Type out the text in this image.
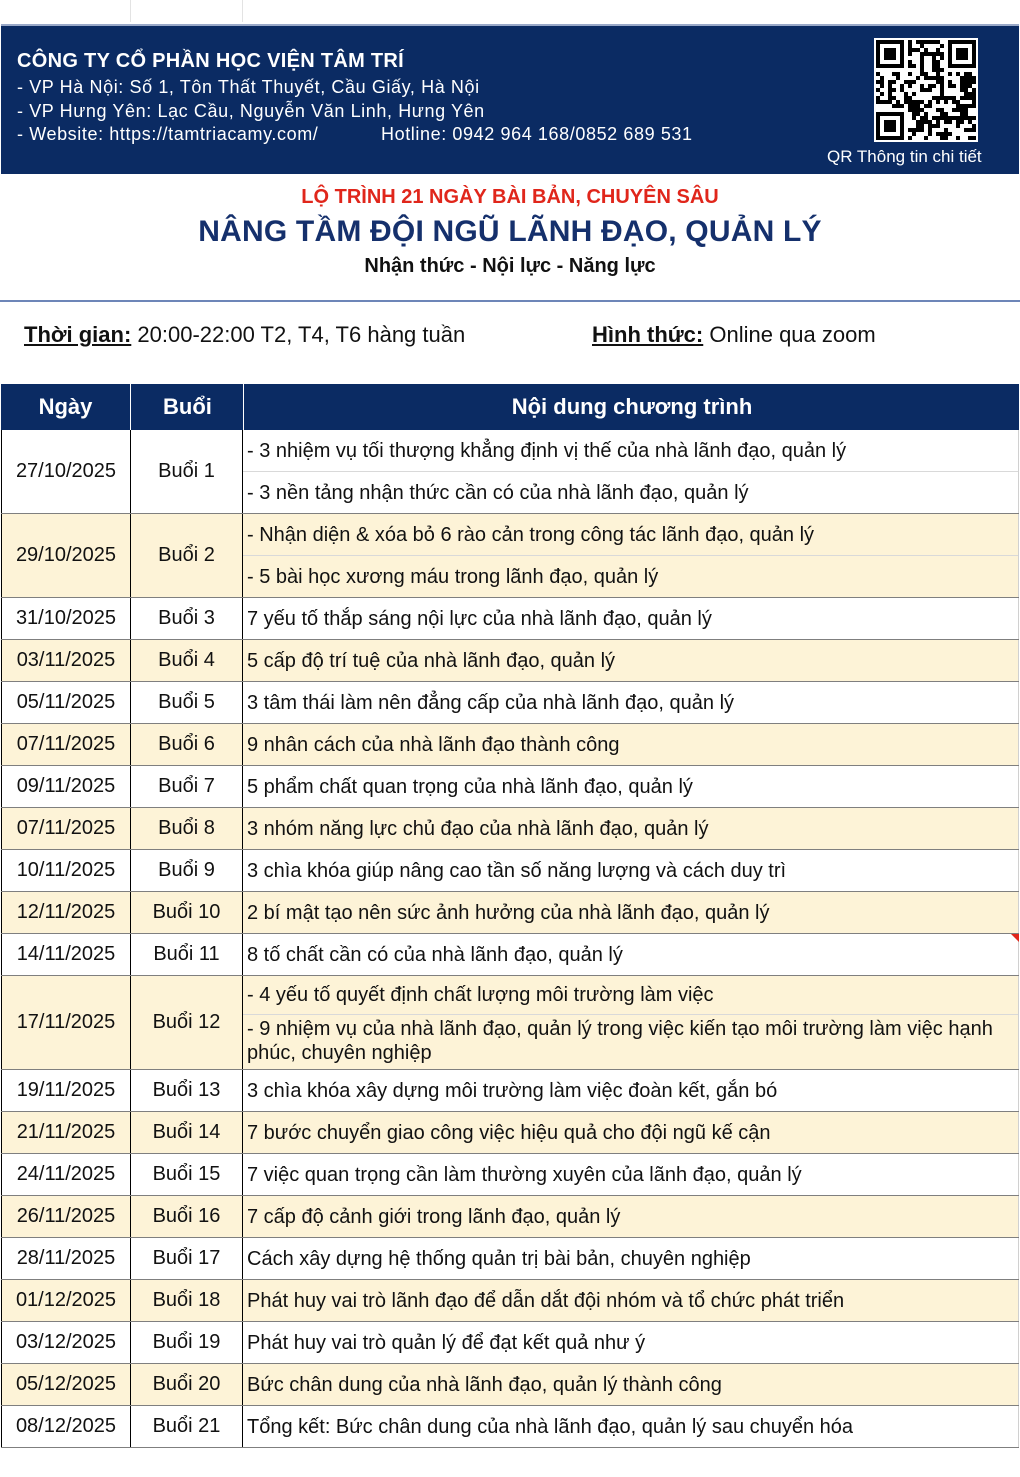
CÔNG TY CỔ PHẦN HỌC VIỆN TÂM TRÍ
- VP Hà Nội: Số 1, Tôn Thất Thuyết, Cầu Giấy, Hà Nội
- VP Hưng Yên: Lạc Cầu, Nguyễn Văn Linh, Hưng Yên
- Website: https://tamtriacamy.com/	Hotline: 0942 964 168/0852 689 531
QR Thông tin chi tiết
LỘ TRÌNH 21 NGÀY BÀI BẢN, CHUYÊN SÂU
NÂNG TẦM ĐỘI NGŨ LÃNH ĐẠO, QUẢN LÝ
Nhận thức - Nội lực - Năng lực
Thời gian: 20:00-22:00 T2, T4, T6 hàng tuần	Hình thức: Online qua zoom
Ngày	Buổi	Nội dung chương trình
27/10/2025	Buổi 1
- 3 nhiệm vụ tối thượng khẳng định vị thế của nhà lãnh đạo, quản lý
- 3 nền tảng nhận thức cần có của nhà lãnh đạo, quản lý
29/10/2025	Buổi 2
- Nhận diện & xóa bỏ 6 rào cản trong công tác lãnh đạo, quản lý
- 5 bài học xương máu trong lãnh đạo, quản lý
31/10/2025	Buổi 3	7 yếu tố thắp sáng nội lực của nhà lãnh đạo, quản lý
03/11/2025	Buổi 4	5 cấp độ trí tuệ của nhà lãnh đạo, quản lý
05/11/2025	Buổi 5	3 tâm thái làm nên đẳng cấp của nhà lãnh đạo, quản lý
07/11/2025	Buổi 6	9 nhân cách của nhà lãnh đạo thành công
09/11/2025	Buổi 7	5 phẩm chất quan trọng của nhà lãnh đạo, quản lý
07/11/2025	Buổi 8	3 nhóm năng lực chủ đạo của nhà lãnh đạo, quản lý
10/11/2025	Buổi 9	3 chìa khóa giúp nâng cao tần số năng lượng và cách duy trì
12/11/2025	Buổi 10	2 bí mật tạo nên sức ảnh hưởng của nhà lãnh đạo, quản lý
14/11/2025	Buổi 11	8 tố chất cần có của nhà lãnh đạo, quản lý
17/11/2025	Buổi 12
- 4 yếu tố quyết định chất lượng môi trường làm việc
- 9 nhiệm vụ của nhà lãnh đạo, quản lý trong việc kiến tạo môi trường làm việc hạnh phúc, chuyên nghiệp
19/11/2025	Buổi 13	3 chìa khóa xây dựng môi trường làm việc đoàn kết, gắn bó
21/11/2025	Buổi 14	7 bước chuyển giao công việc hiệu quả cho đội ngũ kế cận
24/11/2025	Buổi 15	7 việc quan trọng cần làm thường xuyên của lãnh đạo, quản lý
26/11/2025	Buổi 16	7 cấp độ cảnh giới trong lãnh đạo, quản lý
28/11/2025	Buổi 17	Cách xây dựng hệ thống quản trị bài bản, chuyên nghiệp
01/12/2025	Buổi 18	Phát huy vai trò lãnh đạo để dẫn dắt đội nhóm và tổ chức phát triển
03/12/2025	Buổi 19	Phát huy vai trò quản lý để đạt kết quả như ý
05/12/2025	Buổi 20	Bức chân dung của nhà lãnh đạo, quản lý thành công
08/12/2025	Buổi 21	Tổng kết: Bức chân dung của nhà lãnh đạo, quản lý sau chuyển hóa
